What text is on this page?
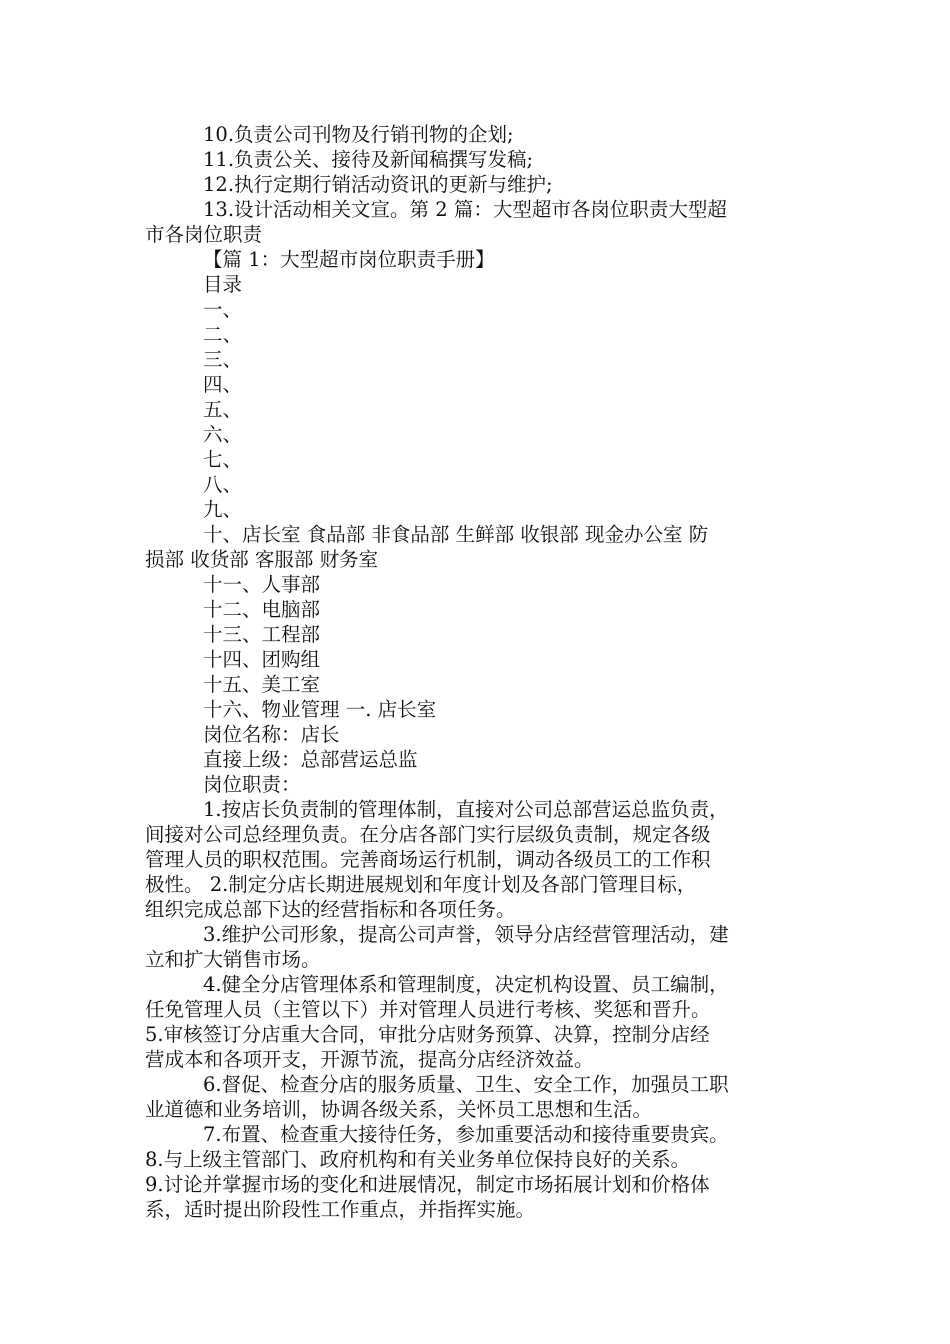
10.负责公司刊物及行销刊物的企划;
11.负责公关、接待及新闻稿撰写发稿;
12.执行定期行销活动资讯的更新与维护;
13.设计活动相关文宣。第 2 篇：大型超市各岗位职责大型超
市各岗位职责
【篇 1：大型超市岗位职责手册】
目录
一、
二、
三、
四、
五、
六、
七、
八、
九、
十、店长室 食品部 非食品部 生鲜部 收银部 现金办公室 防
损部 收货部 客服部 财务室
十一、人事部
十二、电脑部
十三、工程部
十四、团购组
十五、美工室
十六、物业管理 一. 店长室
岗位名称：店长
直接上级：总部营运总监
岗位职责：
1.按店长负责制的管理体制，直接对公司总部营运总监负责，
间接对公司总经理负责。在分店各部门实行层级负责制，规定各级
管理人员的职权范围。完善商场运行机制，调动各级员工的工作积
极性。 2.制定分店长期进展规划和年度计划及各部门管理目标，
组织完成总部下达的经营指标和各项任务。
3.维护公司形象，提高公司声誉，领导分店经营管理活动，建
立和扩大销售市场。
4.健全分店管理体系和管理制度，决定机构设置、员工编制，
任免管理人员（主管以下）并对管理人员进行考核、奖惩和晋升。
5.审核签订分店重大合同，审批分店财务预算、决算，控制分店经
营成本和各项开支，开源节流，提高分店经济效益。
6.督促、检查分店的服务质量、卫生、安全工作，加强员工职
业道德和业务培训，协调各级关系，关怀员工思想和生活。
7.布置、检查重大接待任务，参加重要活动和接待重要贵宾。
8.与上级主管部门、政府机构和有关业务单位保持良好的关系。
9.讨论并掌握市场的变化和进展情况，制定市场拓展计划和价格体
系，适时提出阶段性工作重点，并指挥实施。
